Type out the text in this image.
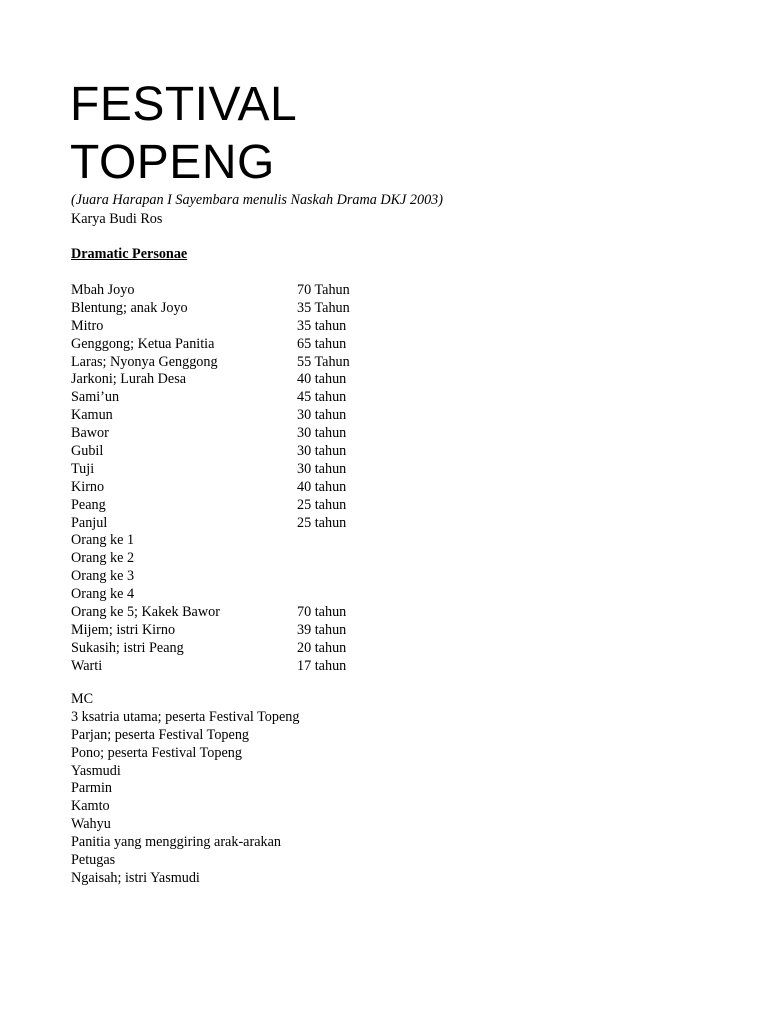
FESTIVAL
TOPENG
(Juara Harapan I Sayembara menulis Naskah Drama DKJ 2003)
Karya Budi Ros
Dramatic Personae
Mbah Joyo	70 Tahun
Blentung; anak Joyo	35 Tahun
Mitro	35 tahun
Genggong; Ketua Panitia	65 tahun
Laras; Nyonya Genggong	55 Tahun
Jarkoni; Lurah Desa	40 tahun
Sami’un	45 tahun
Kamun	30 tahun
Bawor	30 tahun
Gubil	30 tahun
Tuji	30 tahun
Kirno	40 tahun
Peang	25 tahun
Panjul	25 tahun
Orang ke 1
Orang ke 2
Orang ke 3
Orang ke 4
Orang ke 5; Kakek Bawor	70 tahun
Mijem; istri Kirno	39 tahun
Sukasih; istri Peang	20 tahun
Warti	17 tahun
MC
3 ksatria utama; peserta Festival Topeng
Parjan; peserta Festival Topeng
Pono; peserta Festival Topeng
Yasmudi
Parmin
Kamto
Wahyu
Panitia yang menggiring arak-arakan
Petugas
Ngaisah; istri Yasmudi
